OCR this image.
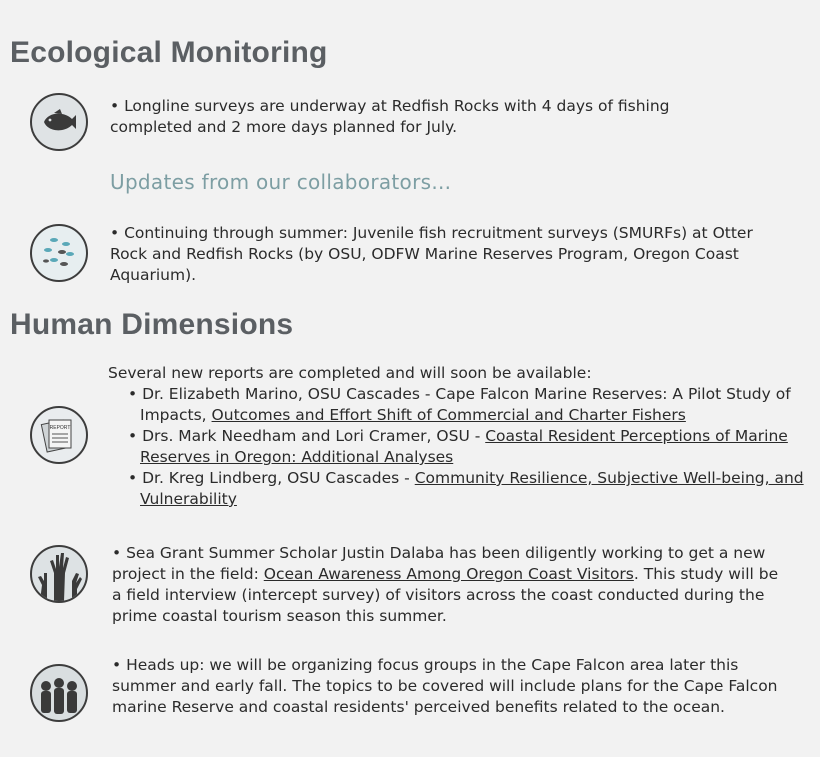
Ecological Monitoring
• Longline surveys are underway at Redfish Rocks with 4 days of fishing completed and 2 more days planned for July.
Updates from our collaborators...
• Continuing through summer: Juvenile fish recruitment surveys (SMURFs) at Otter Rock and Redfish Rocks (by OSU, ODFW Marine Reserves Program, Oregon Coast Aquarium).
Human Dimensions
REPORT

Several new reports are completed and will soon be available:

• Dr. Elizabeth Marino, OSU Cascades - Cape Falcon Marine Reserves: A Pilot Study of Impacts, Outcomes and Effort Shift of Commercial and Charter Fishers

• Drs. Mark Needham and Lori Cramer, OSU - Coastal Resident Perceptions of Marine Reserves in Oregon: Additional Analyses

• Dr. Kreg Lindberg, OSU Cascades - Community Resilience, Subjective Well-being, and Vulnerability

• Sea Grant Summer Scholar Justin Dalaba has been diligently working to get a new project in the field: Ocean Awareness Among Oregon Coast Visitors. This study will be a field interview (intercept survey) of visitors across the coast conducted during the prime coastal tourism season this summer.
• Heads up: we will be organizing focus groups in the Cape Falcon area later this summer and early fall. The topics to be covered will include plans for the Cape Falcon marine Reserve and coastal residents' perceived benefits related to the ocean.
